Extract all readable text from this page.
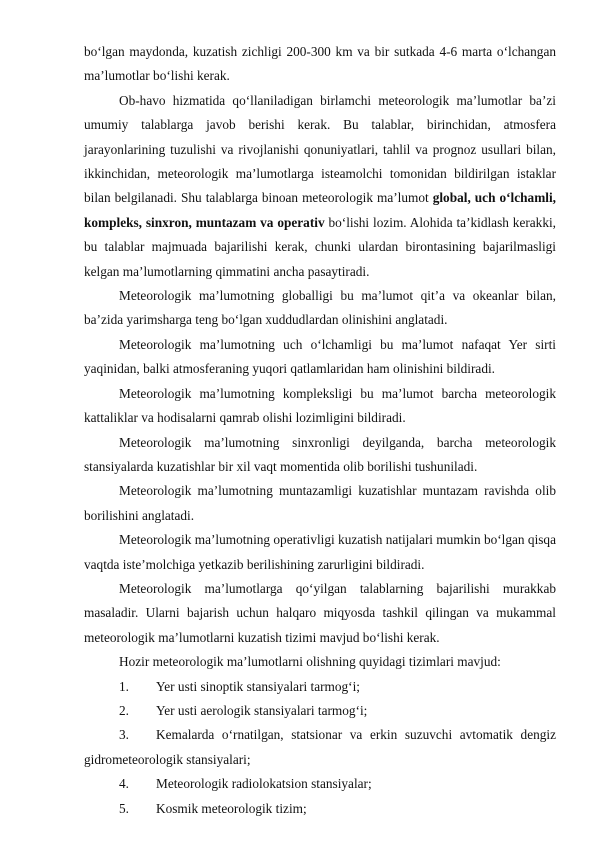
bo‘lgan maydonda, kuzatish zichligi 200-300 km va bir sutkada 4-6 marta o‘lchangan ma’lumotlar bo‘lishi kerak.

Ob-havo hizmatida qo‘llaniladigan birlamchi meteorologik ma’lumotlar ba’zi umumiy talablarga javob berishi kerak. Bu talablar, birinchidan, atmosfera jarayonlarining tuzulishi va rivojlanishi qonuniyatlari, tahlil va prognoz usullari bilan, ikkinchidan, meteorologik ma’lumotlarga isteamolchi tomonidan bildirilgan istaklar bilan belgilanadi. Shu talablarga binoan meteorologik ma’lumot global, uch o‘lchamli, kompleks, sinxron, muntazam va operativ bo‘lishi lozim. Alohida ta’kidlash kerakki, bu talablar majmuada bajarilishi kerak, chunki ulardan birontasining bajarilmasligi kelgan ma’lumotlarning qimmatini ancha pasaytiradi.

Meteorologik ma’lumotning globalligi bu ma’lumot qit’a va okeanlar bilan, ba’zida yarimsharga teng bo‘lgan xuddudlardan olinishini anglatadi.

Meteorologik ma’lumotning uch o‘lchamligi bu ma’lumot nafaqat Yer sirti yaqinidan, balki atmosferaning yuqori qatlamlaridan ham olinishini bildiradi.

Meteorologik ma’lumotning kompleksligi bu ma’lumot barcha meteorologik kattaliklar va hodisalarni qamrab olishi lozimligini bildiradi.

Meteorologik ma’lumotning sinxronligi deyilganda, barcha meteorologik stansiyalarda kuzatishlar bir xil vaqt momentida olib borilishi tushuniladi.

Meteorologik ma’lumotning muntazamligi kuzatishlar muntazam ravishda olib borilishini anglatadi.

Meteorologik ma’lumotning operativligi kuzatish natijalari mumkin bo‘lgan qisqa vaqtda iste’molchiga yetkazib berilishining zarurligini bildiradi.

Meteorologik ma’lumotlarga qo‘yilgan talablarning bajarilishi murakkab masaladir. Ularni bajarish uchun halqaro miqyosda tashkil qilingan va mukammal meteorologik ma’lumotlarni kuzatish tizimi mavjud bo‘lishi kerak.

Hozir meteorologik ma’lumotlarni olishning quyidagi tizimlari mavjud:

1. Yer usti sinoptik stansiyalari tarmog‘i;

2. Yer usti aerologik stansiyalari tarmog‘i;

3. Kemalarda o‘rnatilgan, statsionar va erkin suzuvchi avtomatik dengiz gidrometeorologik stansiyalari;

4. Meteorologik radiolokatsion stansiyalar;

5. Kosmik meteorologik tizim;
